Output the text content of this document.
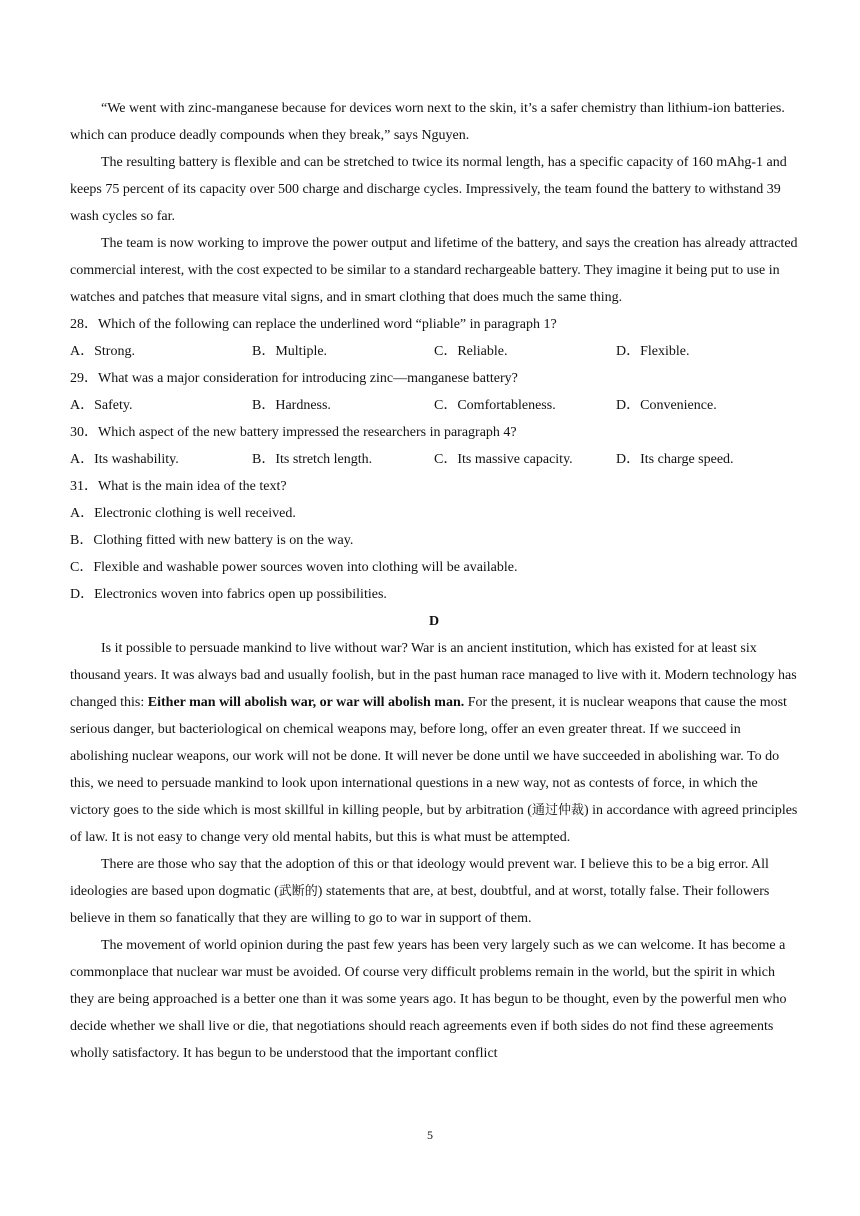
“We went with zinc-manganese because for devices worn next to the skin, it’s a safer chemistry than lithium-ion batteries. which can produce deadly compounds when they break,” says Nguyen.

The resulting battery is flexible and can be stretched to twice its normal length, has a specific capacity of 160 mAhg-1 and keeps 75 percent of its capacity over 500 charge and discharge cycles. Impressively, the team found the battery to withstand 39 wash cycles so far.

The team is now working to improve the power output and lifetime of the battery, and says the creation has already attracted commercial interest, with the cost expected to be similar to a standard rechargeable battery. They imagine it being put to use in watches and patches that measure vital signs, and in smart clothing that does much the same thing.

28．Which of the following can replace the underlined word “pliable” in paragraph 1?

A．Strong.	B．Multiple.	C．Reliable.	D．Flexible.

29．What was a major consideration for introducing zinc—manganese battery?

A．Safety.	B．Hardness.	C．Comfortableness.	D．Convenience.

30．Which aspect of the new battery impressed the researchers in paragraph 4?

A．Its washability.	B．Its stretch length.	C．Its massive capacity.	D．Its charge speed.

31．What is the main idea of the text?

A．Electronic clothing is well received.

B．Clothing fitted with new battery is on the way.

C．Flexible and washable power sources woven into clothing will be available.

D．Electronics woven into fabrics open up possibilities.

D

Is it possible to persuade mankind to live without war? War is an ancient institution, which has existed for at least six thousand years. It was always bad and usually foolish, but in the past human race managed to live with it. Modern technology has changed this: Either man will abolish war, or war will abolish man. For the present, it is nuclear weapons that cause the most serious danger, but bacteriological on chemical weapons may, before long, offer an even greater threat. If we succeed in abolishing nuclear weapons, our work will not be done. It will never be done until we have succeeded in abolishing war. To do this, we need to persuade mankind to look upon international questions in a new way, not as contests of force, in which the victory goes to the side which is most skillful in killing people, but by arbitration (通过仲裁) in accordance with agreed principles of law. It is not easy to change very old mental habits, but this is what must be attempted.

There are those who say that the adoption of this or that ideology would prevent war. I believe this to be a big error. All ideologies are based upon dogmatic (武断的) statements that are, at best, doubtful, and at worst, totally false. Their followers believe in them so fanatically that they are willing to go to war in support of them.

The movement of world opinion during the past few years has been very largely such as we can welcome. It has become a commonplace that nuclear war must be avoided. Of course very difficult problems remain in the world, but the spirit in which they are being approached is a better one than it was some years ago. It has begun to be thought, even by the powerful men who decide whether we shall live or die, that negotiations should reach agreements even if both sides do not find these agreements wholly satisfactory. It has begun to be understood that the important conflict

5
